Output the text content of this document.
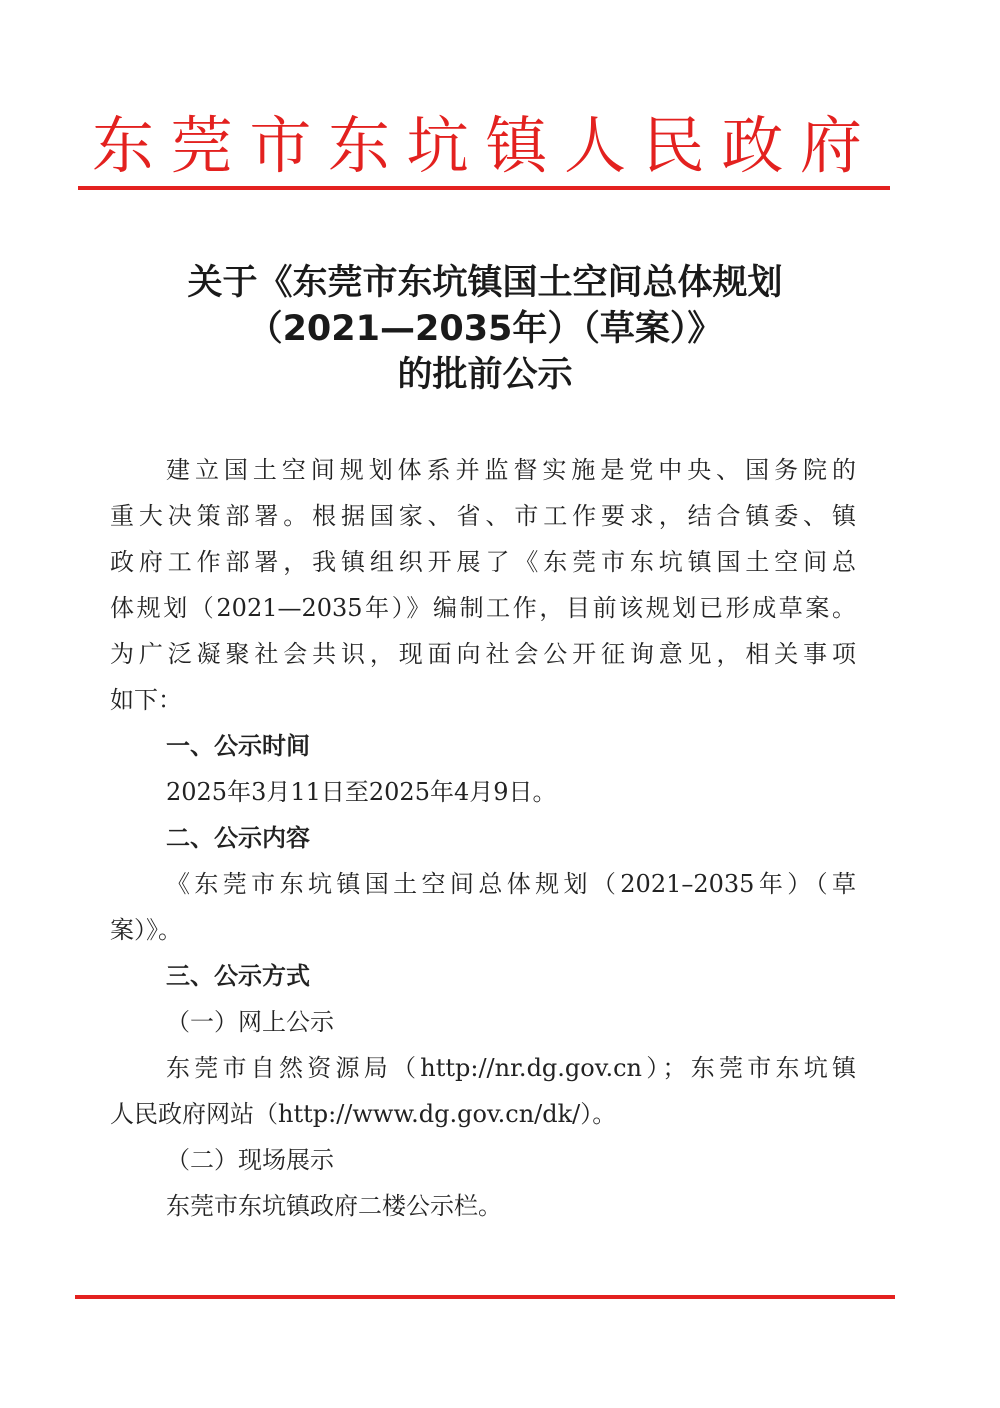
东莞市东坑镇人民政府
关于《东莞市东坑镇国土空间总体规划
（2021—2035年）（草案）》
的批前公示
建立国土空间规划体系并监督实施是党中央、国务院的
重大决策部署。根据国家、省、市工作要求，结合镇委、镇
政府工作部署，我镇组织开展了《东莞市东坑镇国土空间总
体规划（2021—2035年）》编制工作，目前该规划已形成草案。
为广泛凝聚社会共识，现面向社会公开征询意见，相关事项
如下：
一、公示时间
2025年3月11日至2025年4月9日。
二、公示内容
《东莞市东坑镇国土空间总体规划（2021–2035年）（草
案）》。
三、公示方式
（一）网上公示
东莞市自然资源局（http://nr.dg.gov.cn）；东莞市东坑镇
人民政府网站（http://www.dg.gov.cn/dk/）。
（二）现场展示
东莞市东坑镇政府二楼公示栏。
